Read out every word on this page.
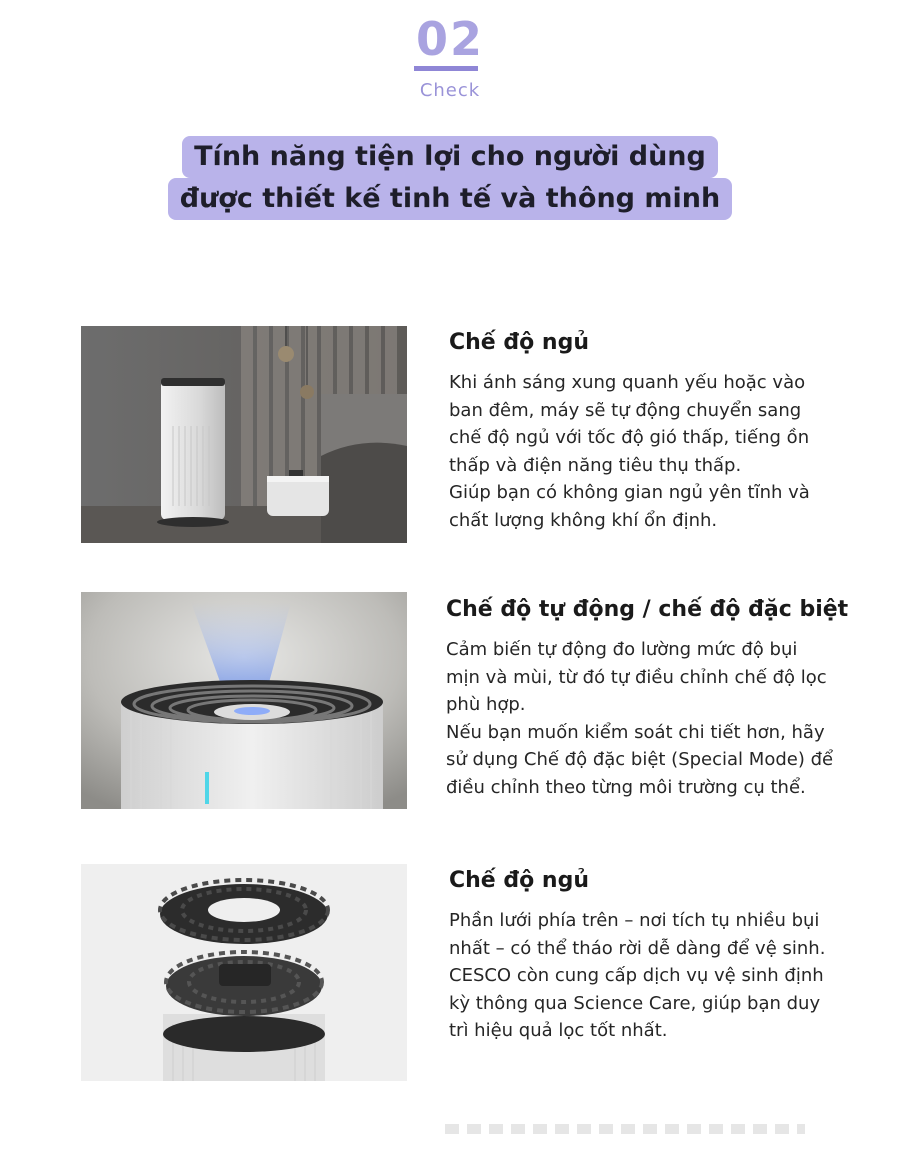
02
Check
Tính năng tiện lợi cho người dùng
được thiết kế tinh tế và thông minh
Chế độ ngủ

Khi ánh sáng xung quanh yếu hoặc vào
ban đêm, máy sẽ tự động chuyển sang
chế độ ngủ với tốc độ gió thấp, tiếng ồn
thấp và điện năng tiêu thụ thấp.
Giúp bạn có không gian ngủ yên tĩnh và
chất lượng không khí ổn định.

Chế độ tự động / chế độ đặc biệt

Cảm biến tự động đo lường mức độ bụi
mịn và mùi, từ đó tự điều chỉnh chế độ lọc
phù hợp.
Nếu bạn muốn kiểm soát chi tiết hơn, hãy
sử dụng Chế độ đặc biệt (Special Mode) để
điều chỉnh theo từng môi trường cụ thể.

Chế độ ngủ

Phần lưới phía trên – nơi tích tụ nhiều bụi
nhất – có thể tháo rời dễ dàng để vệ sinh.
CESCO còn cung cấp dịch vụ vệ sinh định
kỳ thông qua Science Care, giúp bạn duy
trì hiệu quả lọc tốt nhất.
